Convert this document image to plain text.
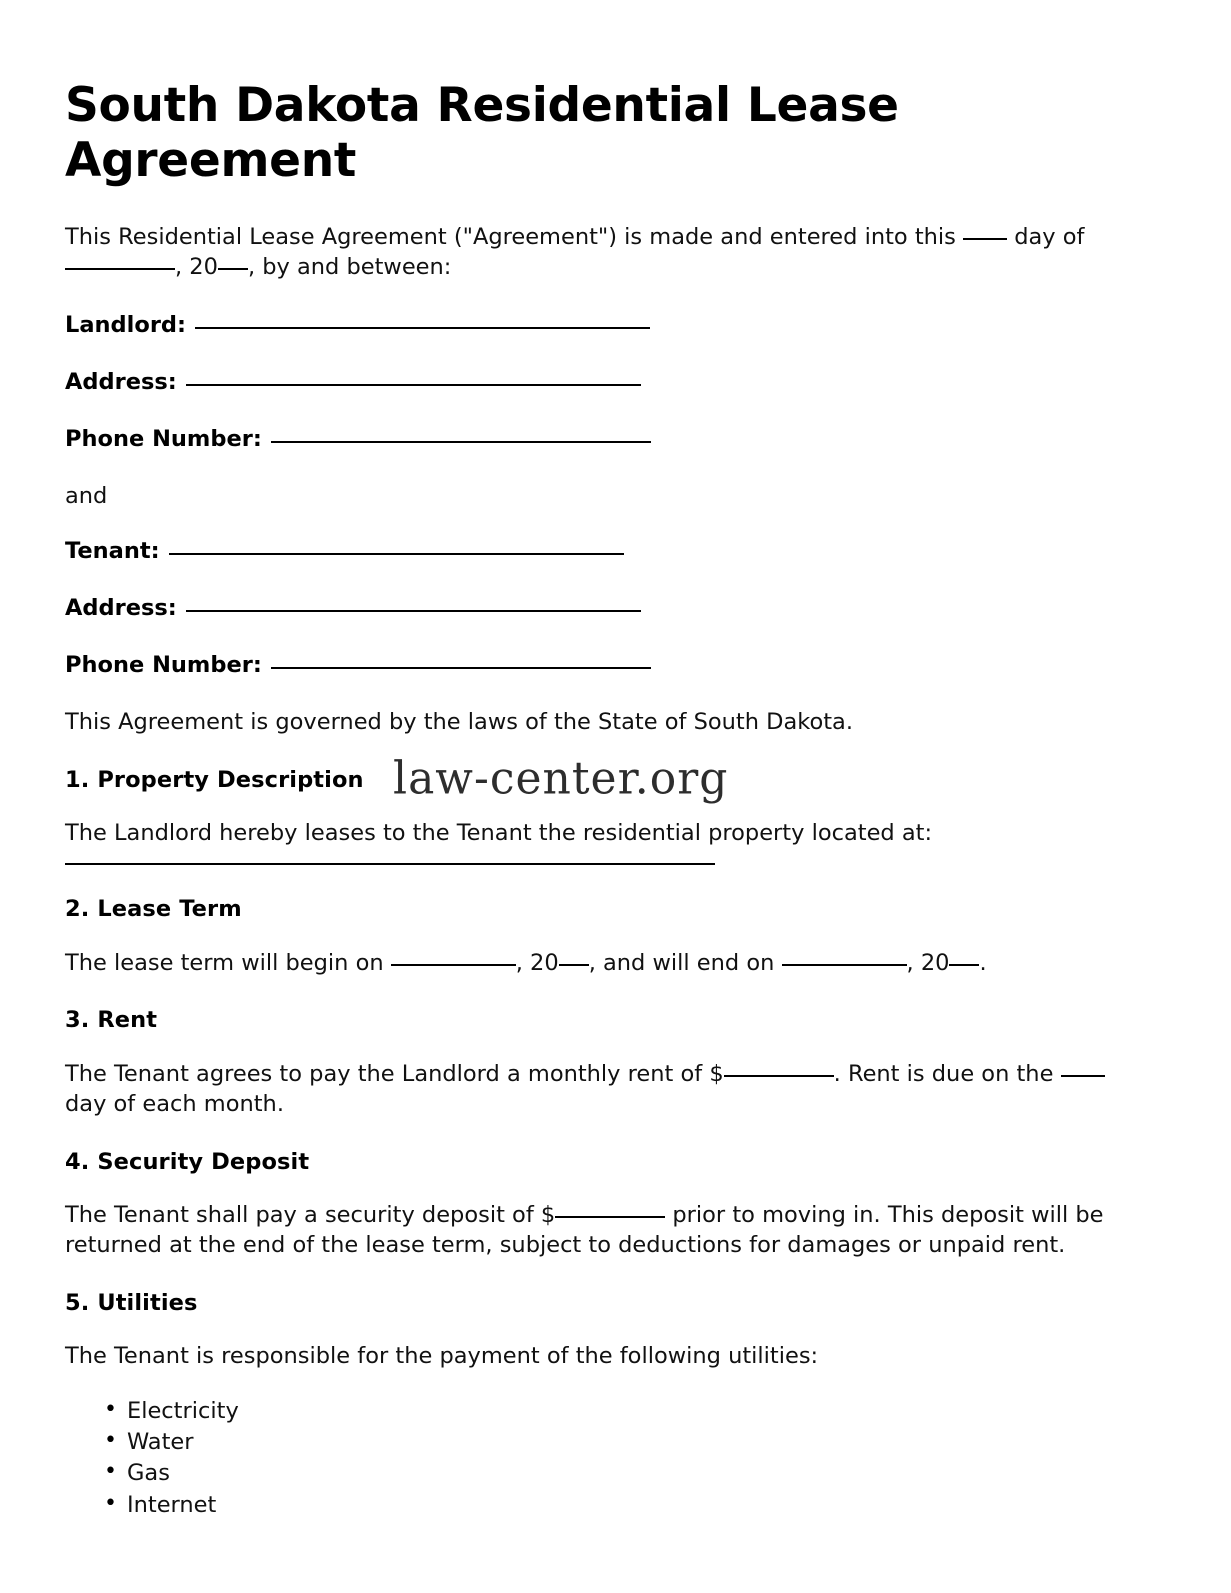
South Dakota Residential Lease Agreement

This Residential Lease Agreement ("Agreement") is made and entered into this	day of , 20 , by and between:

Landlord:
Address:
Phone Number:

and

Tenant:
Address:
Phone Number:

This Agreement is governed by the laws of the State of South Dakota.

1. Property Description

The Landlord hereby leases to the Tenant the residential property located at:

2. Lease Term

The lease term will begin on	, 20 , and will end on	, 20 .

3. Rent

The Tenant agrees to pay the Landlord a monthly rent of $	. Rent is due on the  day of each month.

4. Security Deposit

The Tenant shall pay a security deposit of $	prior to moving in. This deposit will be returned at the end of the lease term, subject to deductions for damages or unpaid rent.

5. Utilities

The Tenant is responsible for the payment of the following utilities:

• Electricity
• Water
• Gas
• Internet
law-center.org
